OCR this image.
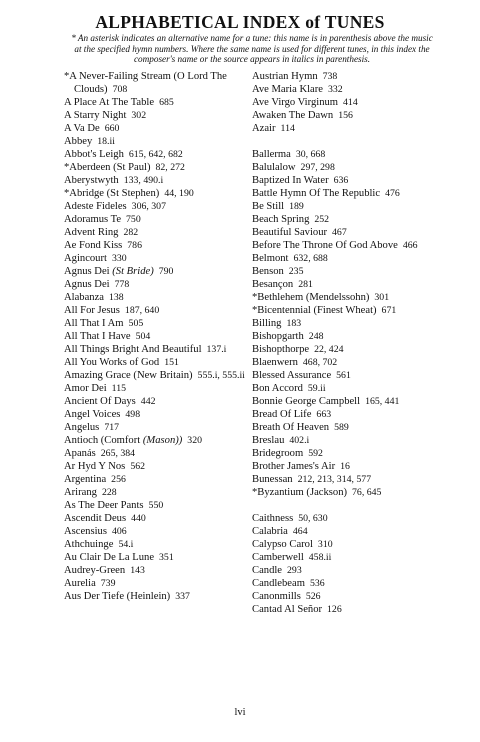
ALPHABETICAL INDEX of TUNES
* An asterisk indicates an alternative name for a tune: this name is in parenthesis above the music at the specified hymn numbers. Where the same name is used for different tunes, in this index the composer's name or the source appears in italics in parenthesis.
*A Never-Failing Stream (O Lord The Clouds) 708
A Place At The Table 685
A Starry Night 302
A Va De 660
Abbey 18.ii
Abbot's Leigh 615, 642, 682
*Aberdeen (St Paul) 82, 272
Aberystwyth 133, 490.i
*Abridge (St Stephen) 44, 190
Adeste Fideles 306, 307
Adoramus Te 750
Advent Ring 282
Ae Fond Kiss 786
Agincourt 330
Agnus Dei (St Bride) 790
Agnus Dei 778
Alabanza 138
All For Jesus 187, 640
All That I Am 505
All That I Have 504
All Things Bright And Beautiful 137.i
All You Works of God 151
Amazing Grace (New Britain) 555.i, 555.ii
Amor Dei 115
Ancient Of Days 442
Angel Voices 498
Angelus 717
Antioch (Comfort (Mason)) 320
Apanás 265, 384
Ar Hyd Y Nos 562
Argentina 256
Arirang 228
As The Deer Pants 550
Ascendit Deus 440
Ascensius 406
Athchuinge 54.i
Au Clair De La Lune 351
Audrey-Green 143
Aurelia 739
Aus Der Tiefe (Heinlein) 337
Austrian Hymn 738
Ave Maria Klare 332
Ave Virgo Virginum 414
Awaken The Dawn 156
Azair 114
Ballerma 30, 668
Balulalow 297, 298
Baptized In Water 636
Battle Hymn Of The Republic 476
Be Still 189
Beach Spring 252
Beautiful Saviour 467
Before The Throne Of God Above 466
Belmont 632, 688
Benson 235
Besançon 281
*Bethlehem (Mendelssohn) 301
*Bicentennial (Finest Wheat) 671
Billing 183
Bishopgarth 248
Bishopthorpe 22, 424
Blaenwern 468, 702
Blessed Assurance 561
Bon Accord 59.ii
Bonnie George Campbell 165, 441
Bread Of Life 663
Breath Of Heaven 589
Breslau 402.i
Bridegroom 592
Brother James's Air 16
Bunessan 212, 213, 314, 577
*Byzantium (Jackson) 76, 645
Caithness 50, 630
Calabria 464
Calypso Carol 310
Camberwell 458.ii
Candle 293
Candlebeam 536
Canonmills 526
Cantad Al Señor 126
lvi
